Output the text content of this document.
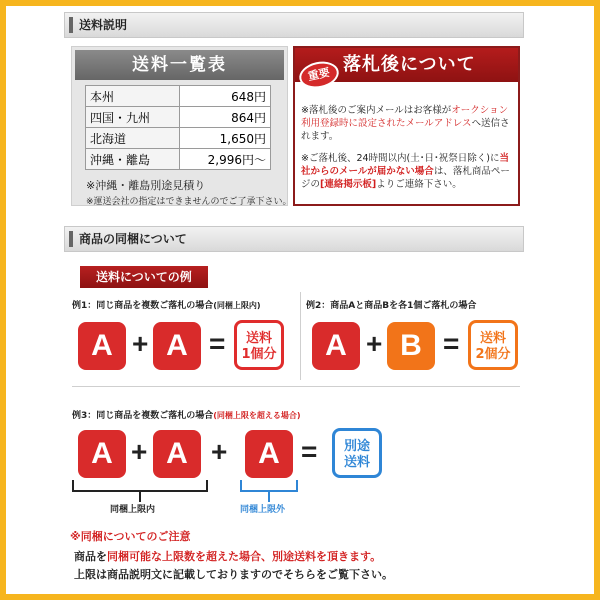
送料説明
送料一覧表
本州	648円
四国・九州	864円
北海道	1,650円
沖縄・離島	2,996円～
※沖縄・離島別途見積り
※運送会社の指定はできませんのでご了承下さい。
落札後について
重要
※落札後のご案内メールはお客様がオークション利用登録時に設定されたメールアドレスへ送信されます。
※ご落札後、24時間以内(土･日･祝祭日除く)に当社からのメールが届かない場合は、落札商品ページの[連絡掲示板]よりご連絡下さい。
商品の同梱について
送料についての例
例1：同じ商品を複数ご落札の場合(同梱上限内)
A + A =	送料
1個分
例2：商品Aと商品Bを各1個ご落札の場合
A + B =	送料
2個分
例3：同じ商品を複数ご落札の場合(同梱上限を超える場合)
A + A +	A =	別途
送料
同梱上限内	同梱上限外
※同梱についてのご注意
商品を同梱可能な上限数を超えた場合、別途送料を頂きます。
上限は商品説明文に記載しておりますのでそちらをご覧下さい。
